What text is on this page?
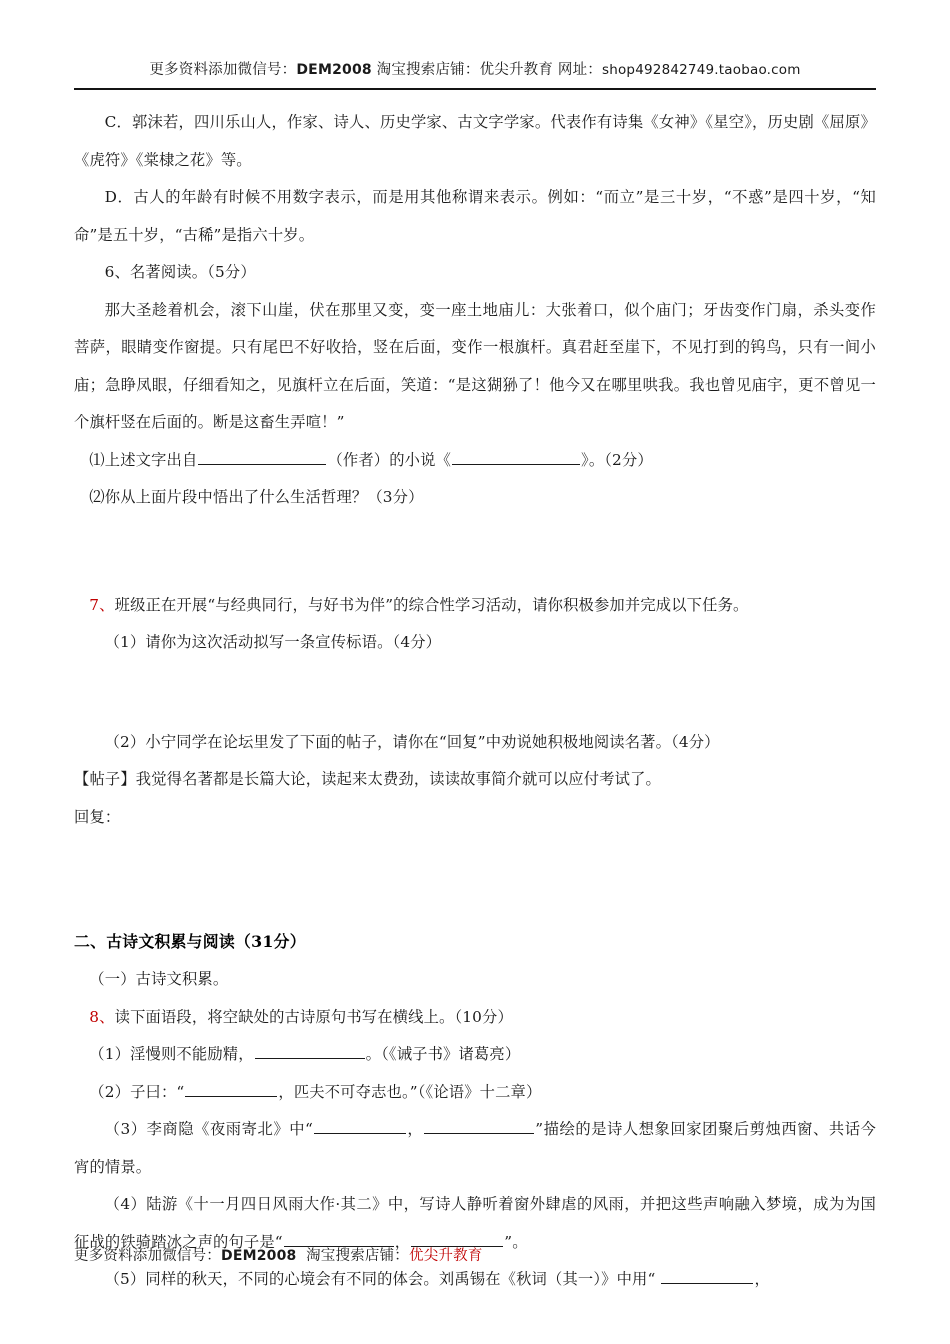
更多资料添加微信号：DEM2008 淘宝搜索店铺：优尖升教育 网址：shop492842749.taobao.com

C．郭沫若，四川乐山人，作家、诗人、历史学家、古文字学家。代表作有诗集《女神》《星空》，历史剧《屈原》《虎符》《棠棣之花》等。

D．古人的年龄有时候不用数字表示，而是用其他称谓来表示。例如：“而立”是三十岁，“不惑”是四十岁，“知命”是五十岁，“古稀”是指六十岁。

6、名著阅读。（5分）

那大圣趁着机会，滚下山崖，伏在那里又变，变一座土地庙儿：大张着口，似个庙门；牙齿变作门扇，杀头变作菩萨，眼睛变作窗提。只有尾巴不好收拾，竖在后面，变作一根旗杆。真君赶至崖下，不见打到的钨鸟，只有一间小庙；急睁凤眼，仔细看知之，见旗杆立在后面，笑道：“是这猢狲了！他今又在哪里哄我。我也曾见庙宇，更不曾见一个旗杆竖在后面的。断是这畜生弄喧！”

⑴上述文字出自	（作者）的小说《	》。（2分）

⑵你从上面片段中悟出了什么生活哲理？（3分）

7、班级正在开展“与经典同行，与好书为伴”的综合性学习活动，请你积极参加并完成以下任务。

（1）请你为这次活动拟写一条宣传标语。（4分）

（2）小宁同学在论坛里发了下面的帖子，请你在“回复”中劝说她积极地阅读名著。（4分）

【帖子】我觉得名著都是长篇大论，读起来太费劲，读读故事简介就可以应付考试了。

回复：

二、古诗文积累与阅读（31分）

（一）古诗文积累。

8、读下面语段，将空缺处的古诗原句书写在横线上。（10分）

（1）淫慢则不能励精，	。（《诫子书》诸葛亮）

（2）子曰：“	，匹夫不可夺志也。”（《论语》十二章）

（3）李商隐《夜雨寄北》中“	，	”描绘的是诗人想象回家团聚后剪烛西窗、共话今宵的情景。

（4）陆游《十一月四日风雨大作·其二》中，写诗人静听着窗外肆虐的风雨，并把这些声响融入梦境，成为为国征战的铁骑踏冰之声的句子是“	，	”。

（5）同样的秋天，不同的心境会有不同的体会。刘禹锡在《秋词（其一）》中用“	，

更多资料添加微信号：DEM2008 淘宝搜索店铺：优尖升教育
